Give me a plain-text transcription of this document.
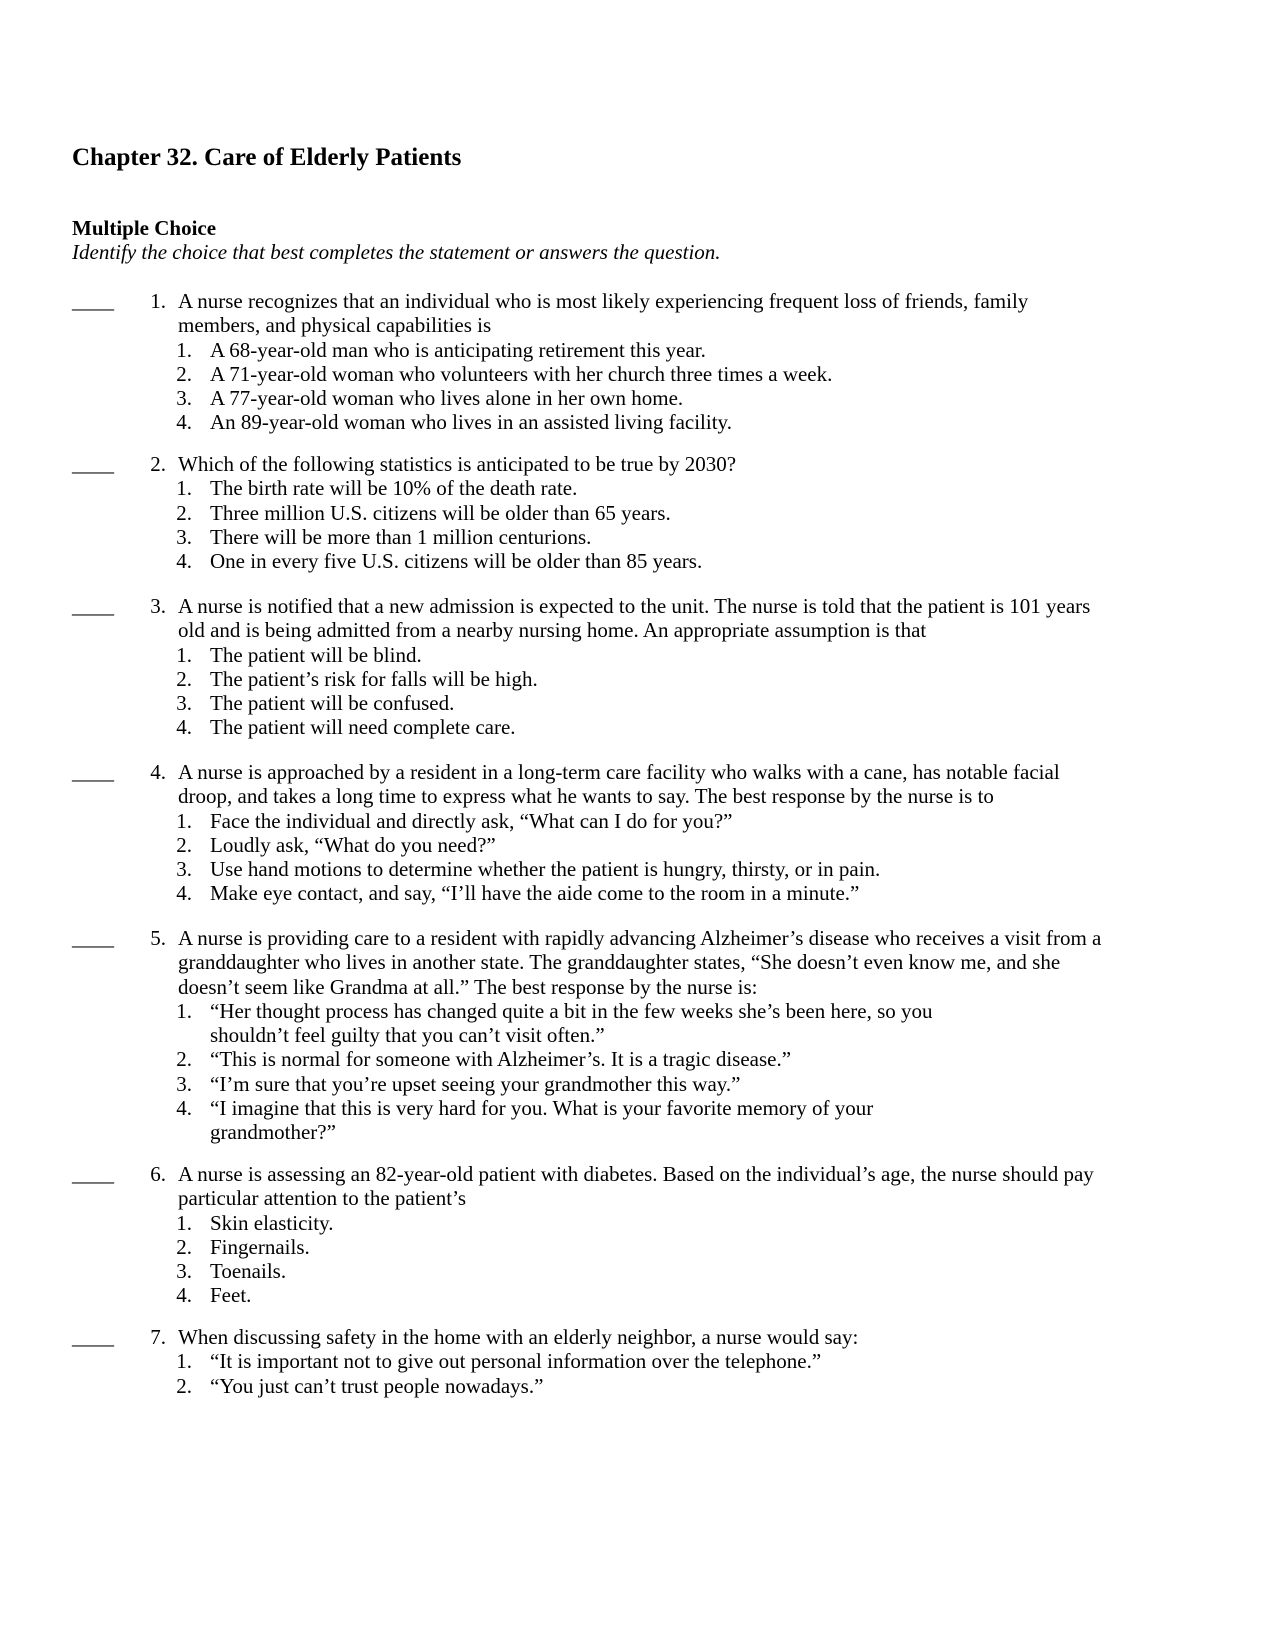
Chapter 32. Care of Elderly Patients
Multiple Choice
Identify the choice that best completes the statement or answers the question.
____ 1. A nurse recognizes that an individual who is most likely experiencing frequent loss of friends, family
members, and physical capabilities is
1. A 68-year-old man who is anticipating retirement this year.
2. A 71-year-old woman who volunteers with her church three times a week.
3. A 77-year-old woman who lives alone in her own home.
4. An 89-year-old woman who lives in an assisted living facility.
____ 2. Which of the following statistics is anticipated to be true by 2030?
1. The birth rate will be 10% of the death rate.
2. Three million U.S. citizens will be older than 65 years.
3. There will be more than 1 million centurions.
4. One in every five U.S. citizens will be older than 85 years.
____ 3. A nurse is notified that a new admission is expected to the unit. The nurse is told that the patient is 101 years
old and is being admitted from a nearby nursing home. An appropriate assumption is that
1. The patient will be blind.
2. The patient’s risk for falls will be high.
3. The patient will be confused.
4. The patient will need complete care.
____ 4. A nurse is approached by a resident in a long-term care facility who walks with a cane, has notable facial
droop, and takes a long time to express what he wants to say. The best response by the nurse is to
1. Face the individual and directly ask, “What can I do for you?”
2. Loudly ask, “What do you need?”
3. Use hand motions to determine whether the patient is hungry, thirsty, or in pain.
4. Make eye contact, and say, “I’ll have the aide come to the room in a minute.”
____ 5. A nurse is providing care to a resident with rapidly advancing Alzheimer’s disease who receives a visit from a
granddaughter who lives in another state. The granddaughter states, “She doesn’t even know me, and she
doesn’t seem like Grandma at all.” The best response by the nurse is:
1. “Her thought process has changed quite a bit in the few weeks she’s been here, so you
shouldn’t feel guilty that you can’t visit often.”
2. “This is normal for someone with Alzheimer’s. It is a tragic disease.”
3. “I’m sure that you’re upset seeing your grandmother this way.”
4. “I imagine that this is very hard for you. What is your favorite memory of your
grandmother?”
____ 6. A nurse is assessing an 82-year-old patient with diabetes. Based on the individual’s age, the nurse should pay
particular attention to the patient’s
1. Skin elasticity.
2. Fingernails.
3. Toenails.
4. Feet.
____ 7. When discussing safety in the home with an elderly neighbor, a nurse would say:
1. “It is important not to give out personal information over the telephone.”
2. “You just can’t trust people nowadays.”
